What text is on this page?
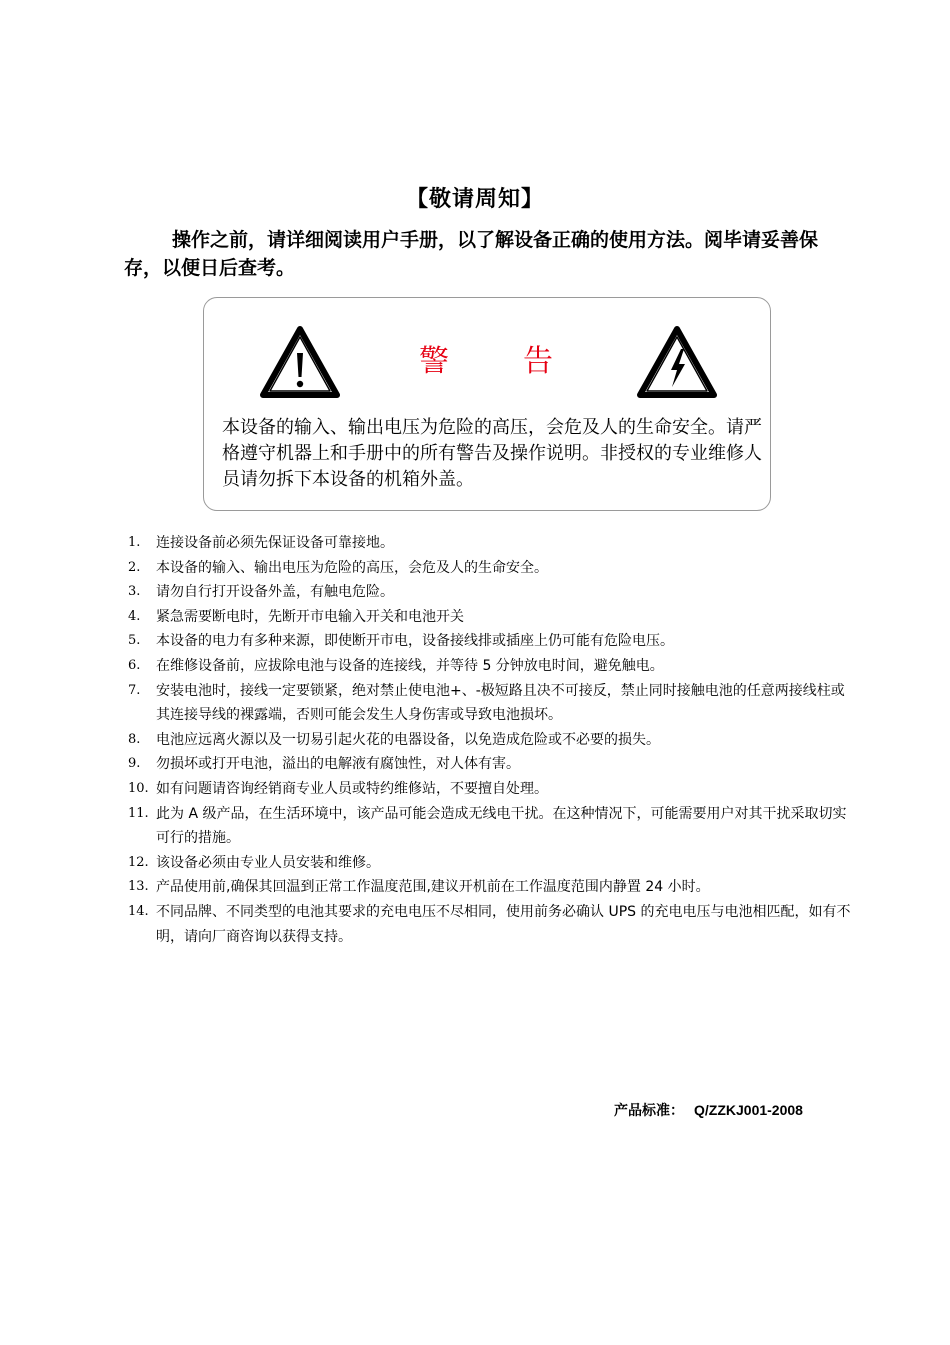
【敬请周知】
操作之前，请详细阅读用户手册，以了解设备正确的使用方法。阅毕请妥善保存，以便日后查考。
警告
本设备的输入、输出电压为危险的高压，会危及人的生命安全。请严格遵守机器上和手册中的所有警告及操作说明。非授权的专业维修人员请勿拆下本设备的机箱外盖。
1. 连接设备前必须先保证设备可靠接地。
2. 本设备的输入、输出电压为危险的高压，会危及人的生命安全。
3. 请勿自行打开设备外盖，有触电危险。
4. 紧急需要断电时，先断开市电输入开关和电池开关
5. 本设备的电力有多种来源，即使断开市电，设备接线排或插座上仍可能有危险电压。
6. 在维修设备前，应拔除电池与设备的连接线，并等待 5 分钟放电时间，避免触电。
7. 安装电池时，接线一定要锁紧，绝对禁止使电池+、-极短路且决不可接反，禁止同时接触电池的任意两接线柱或其连接导线的裸露端，否则可能会发生人身伤害或导致电池损坏。
8. 电池应远离火源以及一切易引起火花的电器设备，以免造成危险或不必要的损失。
9. 勿损坏或打开电池，溢出的电解液有腐蚀性，对人体有害。
10. 如有问题请咨询经销商专业人员或特约维修站，不要擅自处理。
11. 此为 A 级产品，在生活环境中，该产品可能会造成无线电干扰。在这种情况下，可能需要用户对其干扰采取切实可行的措施。
12. 该设备必须由专业人员安装和维修。
13. 产品使用前,确保其回温到正常工作温度范围,建议开机前在工作温度范围内静置 24 小时。
14. 不同品牌、不同类型的电池其要求的充电电压不尽相同，使用前务必确认 UPS 的充电电压与电池相匹配，如有不明，请向厂商咨询以获得支持。
产品标准： Q/ZZKJ001-2008
